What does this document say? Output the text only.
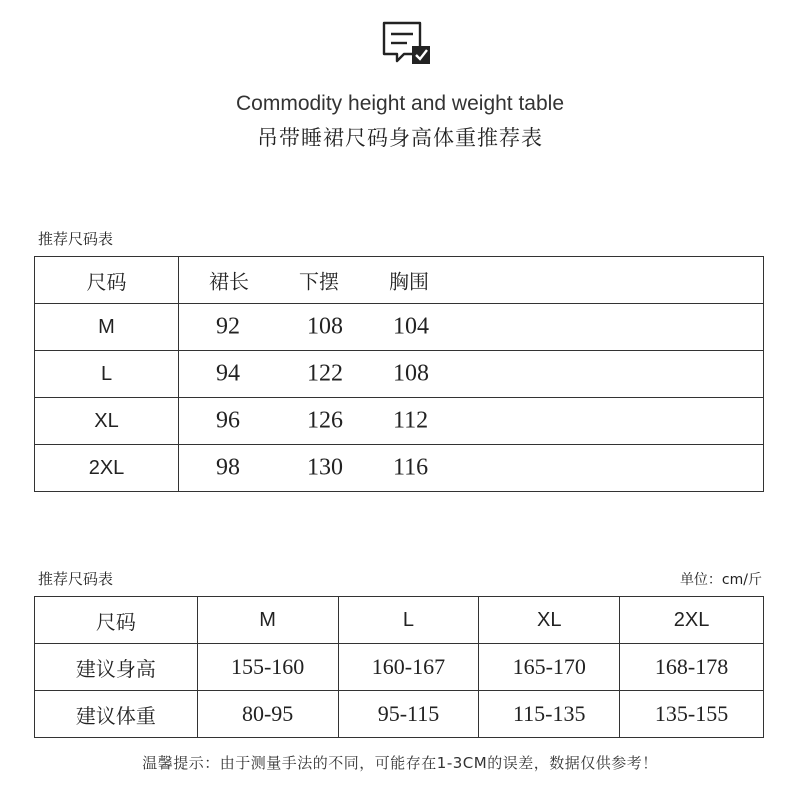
Commodity height and weight table
吊带睡裙尺码身高体重推荐表
推荐尺码表
尺码	裙长 下摆 胸围

M	92 108 104

L	94 122 108

XL	96 126 112

2XL	98 130 116
推荐尺码表	单位：cm/斤
尺码	M	L	XL	2XL
建议身高	155-160	160-167	165-170	168-178
建议体重	80-95	95-115	115-135	135-155
温馨提示：由于测量手法的不同，可能存在1-3CM的误差，数据仅供参考！
